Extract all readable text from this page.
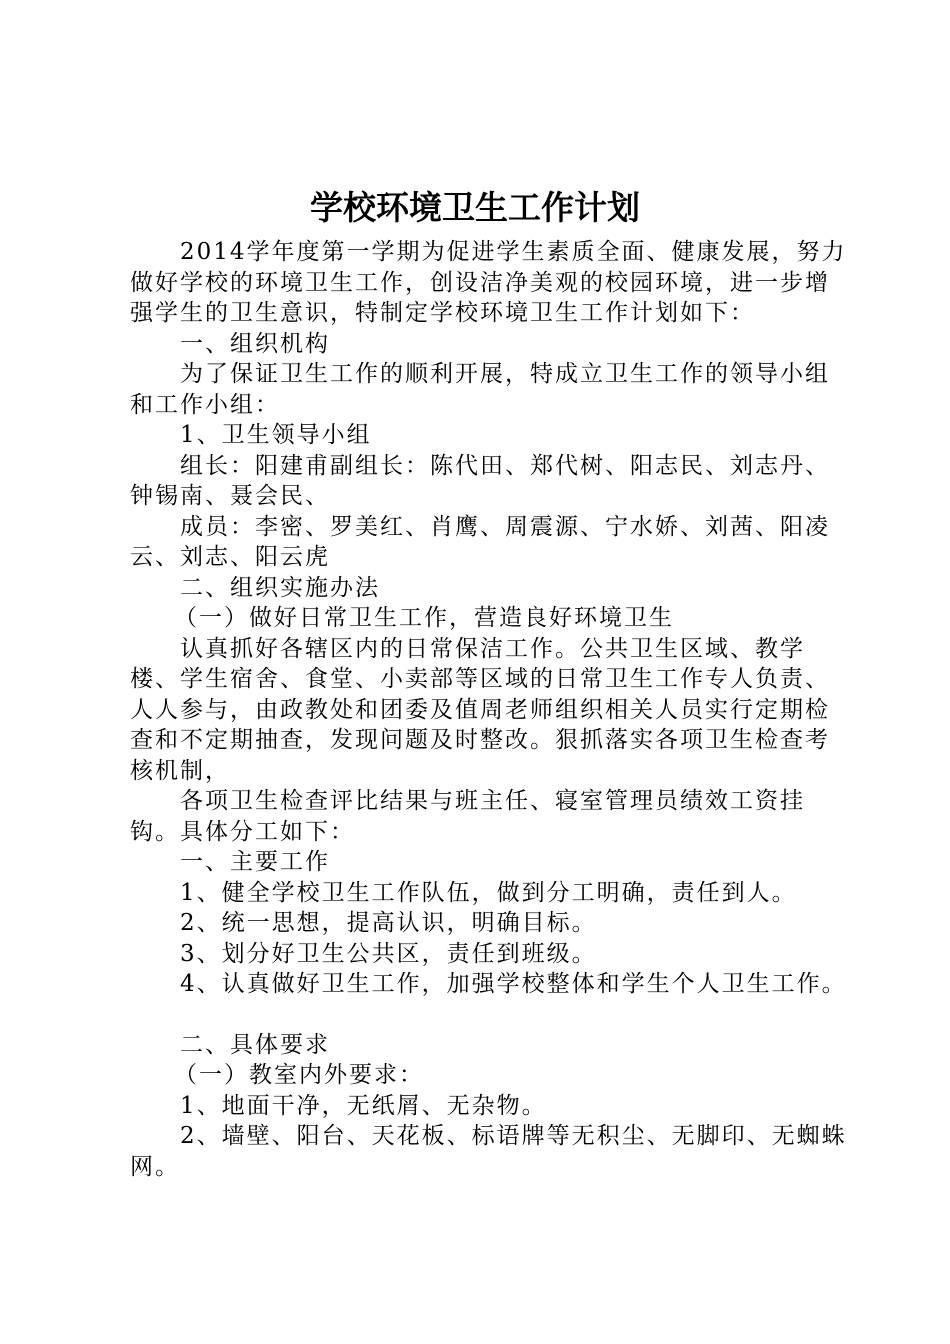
学校环境卫生工作计划

2014学年度第一学期为促进学生素质全面、健康发展，努力做好学校的环境卫生工作，创设洁净美观的校园环境，进一步增强学生的卫生意识，特制定学校环境卫生工作计划如下：

一、组织机构

为了保证卫生工作的顺利开展，特成立卫生工作的领导小组和工作小组：

1、卫生领导小组

组长：阳建甫副组长：陈代田、郑代树、阳志民、刘志丹、钟锡南、聂会民、

成员：李密、罗美红、肖鹰、周震源、宁水娇、刘茜、阳凌云、刘志、阳云虎

二、组织实施办法

（一）做好日常卫生工作，营造良好环境卫生

认真抓好各辖区内的日常保洁工作。公共卫生区域、教学楼、学生宿舍、食堂、小卖部等区域的日常卫生工作专人负责、人人参与，由政教处和团委及值周老师组织相关人员实行定期检查和不定期抽查，发现问题及时整改。狠抓落实各项卫生检查考核机制，

各项卫生检查评比结果与班主任、寝室管理员绩效工资挂钩。具体分工如下：

一、主要工作

1、健全学校卫生工作队伍，做到分工明确，责任到人。

2、统一思想，提高认识，明确目标。

3、划分好卫生公共区，责任到班级。

4、认真做好卫生工作，加强学校整体和学生个人卫生工作。

二、具体要求

（一）教室内外要求：

1、地面干净，无纸屑、无杂物。

2、墙壁、阳台、天花板、标语牌等无积尘、无脚印、无蜘蛛网。
